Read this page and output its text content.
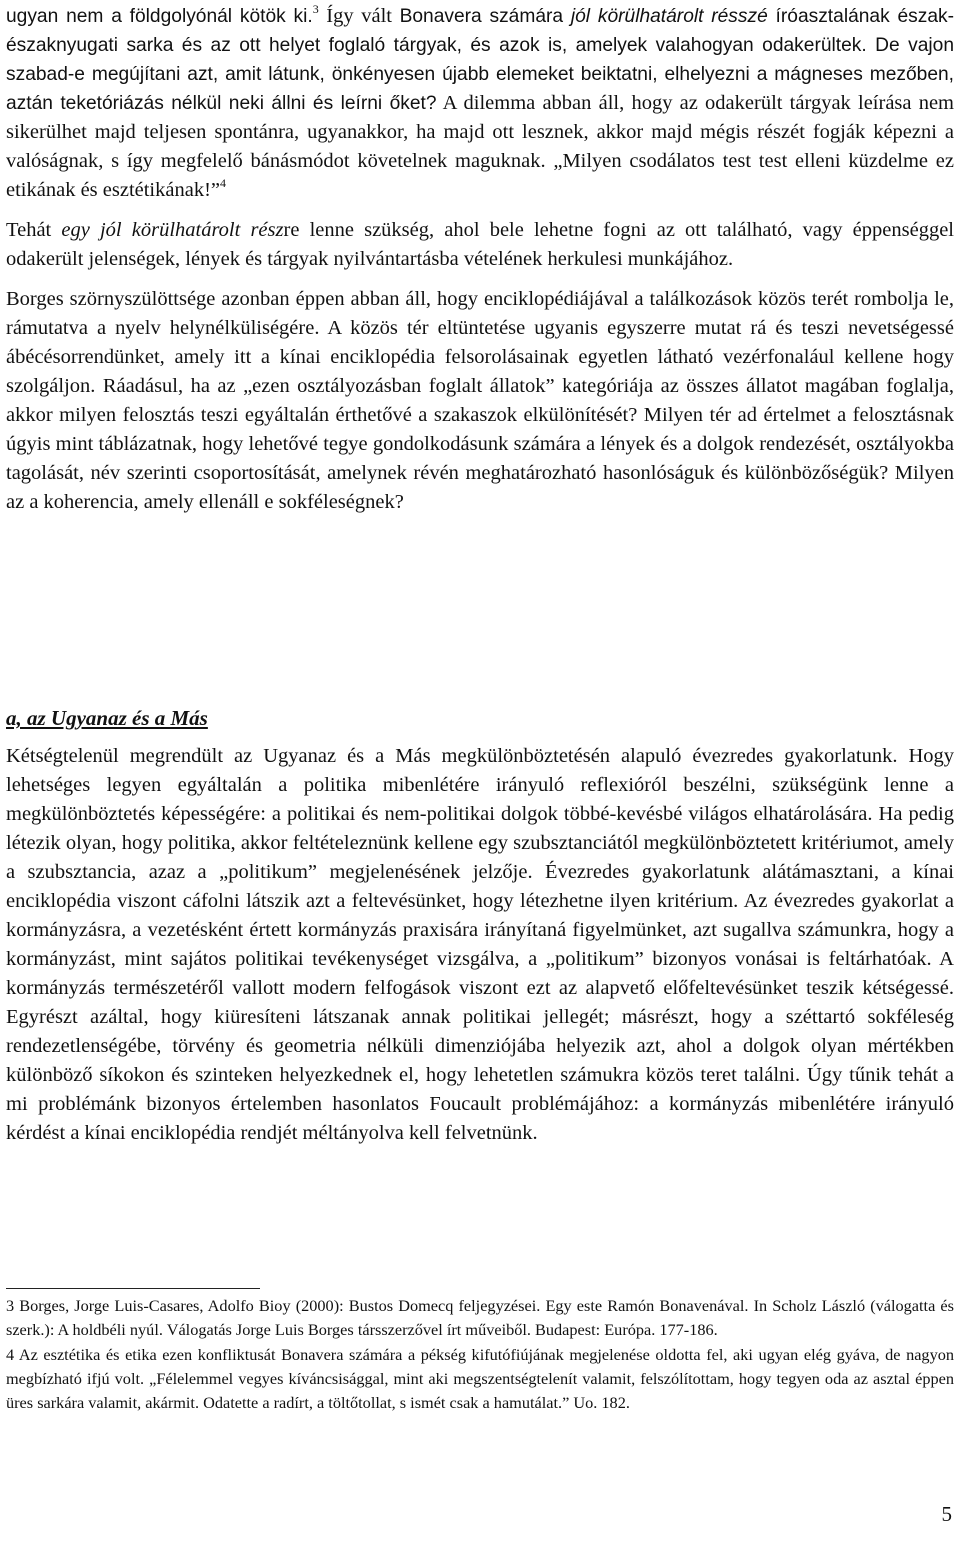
ugyan nem a földgolyónál kötök ki.$^3$ Így vált Bonavera számára jól körülhatárolt résszé íróasztalának észak-északnyugati sarka és az ott helyet foglaló tárgyak, és azok is, amelyek valahogyan odakerültek. De vajon szabad-e megújítani azt, amit látunk, önkényesen újabb elemeket beiktatni, elhelyezni a mágneses mezőben, aztán teketóriázás nélkül neki állni és leírni őket? A dilemma abban áll, hogy az odakerült tárgyak leírása nem sikerülhet majd teljesen spontánra, ugyanakkor, ha majd ott lesznek, akkor majd mégis részét fogják képezni a valóságnak, s így megfelelő bánásmódot követelnek maguknak. „Milyen csodálatos test test elleni küzdelme ez etikának és esztétikának!”$^4$

Tehát egy jól körülhatárolt részre lenne szükség, ahol bele lehetne fogni az ott található, vagy éppenséggel odakerült jelenségek, lények és tárgyak nyilvántartásba vételének herkulesi munkájához.

Borges szörnyszülöttsége azonban éppen abban áll, hogy enciklopédiájával a találkozások közös terét rombolja le, rámutatva a nyelv helynélküliségére. A közös tér eltüntetése ugyanis egyszerre mutat rá és teszi nevetségessé ábécésorrendünket, amely itt a kínai enciklopédia felsorolásainak egyetlen látható vezérfonalául kellene hogy szolgáljon. Ráadásul, ha az „ezen osztályozásban foglalt állatok” kategóriája az összes állatot magában foglalja, akkor milyen felosztás teszi egyáltalán érthetővé a szakaszok elkülönítését? Milyen tér ad értelmet a felosztásnak úgyis mint táblázatnak, hogy lehetővé tegye gondolkodásunk számára a lények és a dolgok rendezését, osztályokba tagolását, név szerinti csoportosítását, amelynek révén meghatározható hasonlóságuk és különbözőségük? Milyen az a koherencia, amely ellenáll e sokféleségnek?

a, az Ugyanaz és a Más

Kétségtelenül megrendült az Ugyanaz és a Más megkülönböztetésén alapuló évezredes gyakorlatunk. Hogy lehetséges legyen egyáltalán a politika mibenlétére irányuló reflexióról beszélni, szükségünk lenne a megkülönböztetés képességére: a politikai és nem-politikai dolgok többé-kevésbé világos elhatárolására. Ha pedig létezik olyan, hogy politika, akkor feltételeznünk kellene egy szubsztanciától megkülönböztetett kritériumot, amely a szubsztancia, azaz a „politikum” megjelenésének jelzője. Évezredes gyakorlatunk alátámasztani, a kínai enciklopédia viszont cáfolni látszik azt a feltevésünket, hogy létezhetne ilyen kritérium. Az évezredes gyakorlat a kormányzásra, a vezetésként értett kormányzás praxisára irányítaná figyelmünket, azt sugallva számunkra, hogy a kormányzást, mint sajátos politikai tevékenységet vizsgálva, a „politikum” bizonyos vonásai is feltárhatóak. A kormányzás természetéről vallott modern felfogások viszont ezt az alapvető előfeltevésünket teszik kétségessé. Egyrészt azáltal, hogy kiüresíteni látszanak annak politikai jellegét; másrészt, hogy a széttartó sokféleség rendezetlenségébe, törvény és geometria nélküli dimenziójába helyezik azt, ahol a dolgok olyan mértékben különböző síkokon és szinteken helyezkednek el, hogy lehetetlen számukra közös teret találni. Úgy tűnik tehát a mi problémánk bizonyos értelemben hasonlatos Foucault problémájához: a kormányzás mibenlétére irányuló kérdést a kínai enciklopédia rendjét méltányolva kell felvetnünk.

3 Borges, Jorge Luis-Casares, Adolfo Bioy (2000): Bustos Domecq feljegyzései. Egy este Ramón Bonavenával. In Scholz László (válogatta és szerk.): A holdbéli nyúl. Válogatás Jorge Luis Borges társszerzővel írt műveiből. Budapest: Európa. 177-186.

4 Az esztétika és etika ezen konfliktusát Bonavera számára a pékség kifutófiújának megjelenése oldotta fel, aki ugyan elég gyáva, de nagyon megbízható ifjú volt. „Félelemmel vegyes kíváncsisággal, mint aki megszentségtelenít valamit, felszólítottam, hogy tegyen oda az asztal éppen üres sarkára valamit, akármit. Odatette a radírt, a töltőtollat, s ismét csak a hamutálat.” Uo. 182.

5
